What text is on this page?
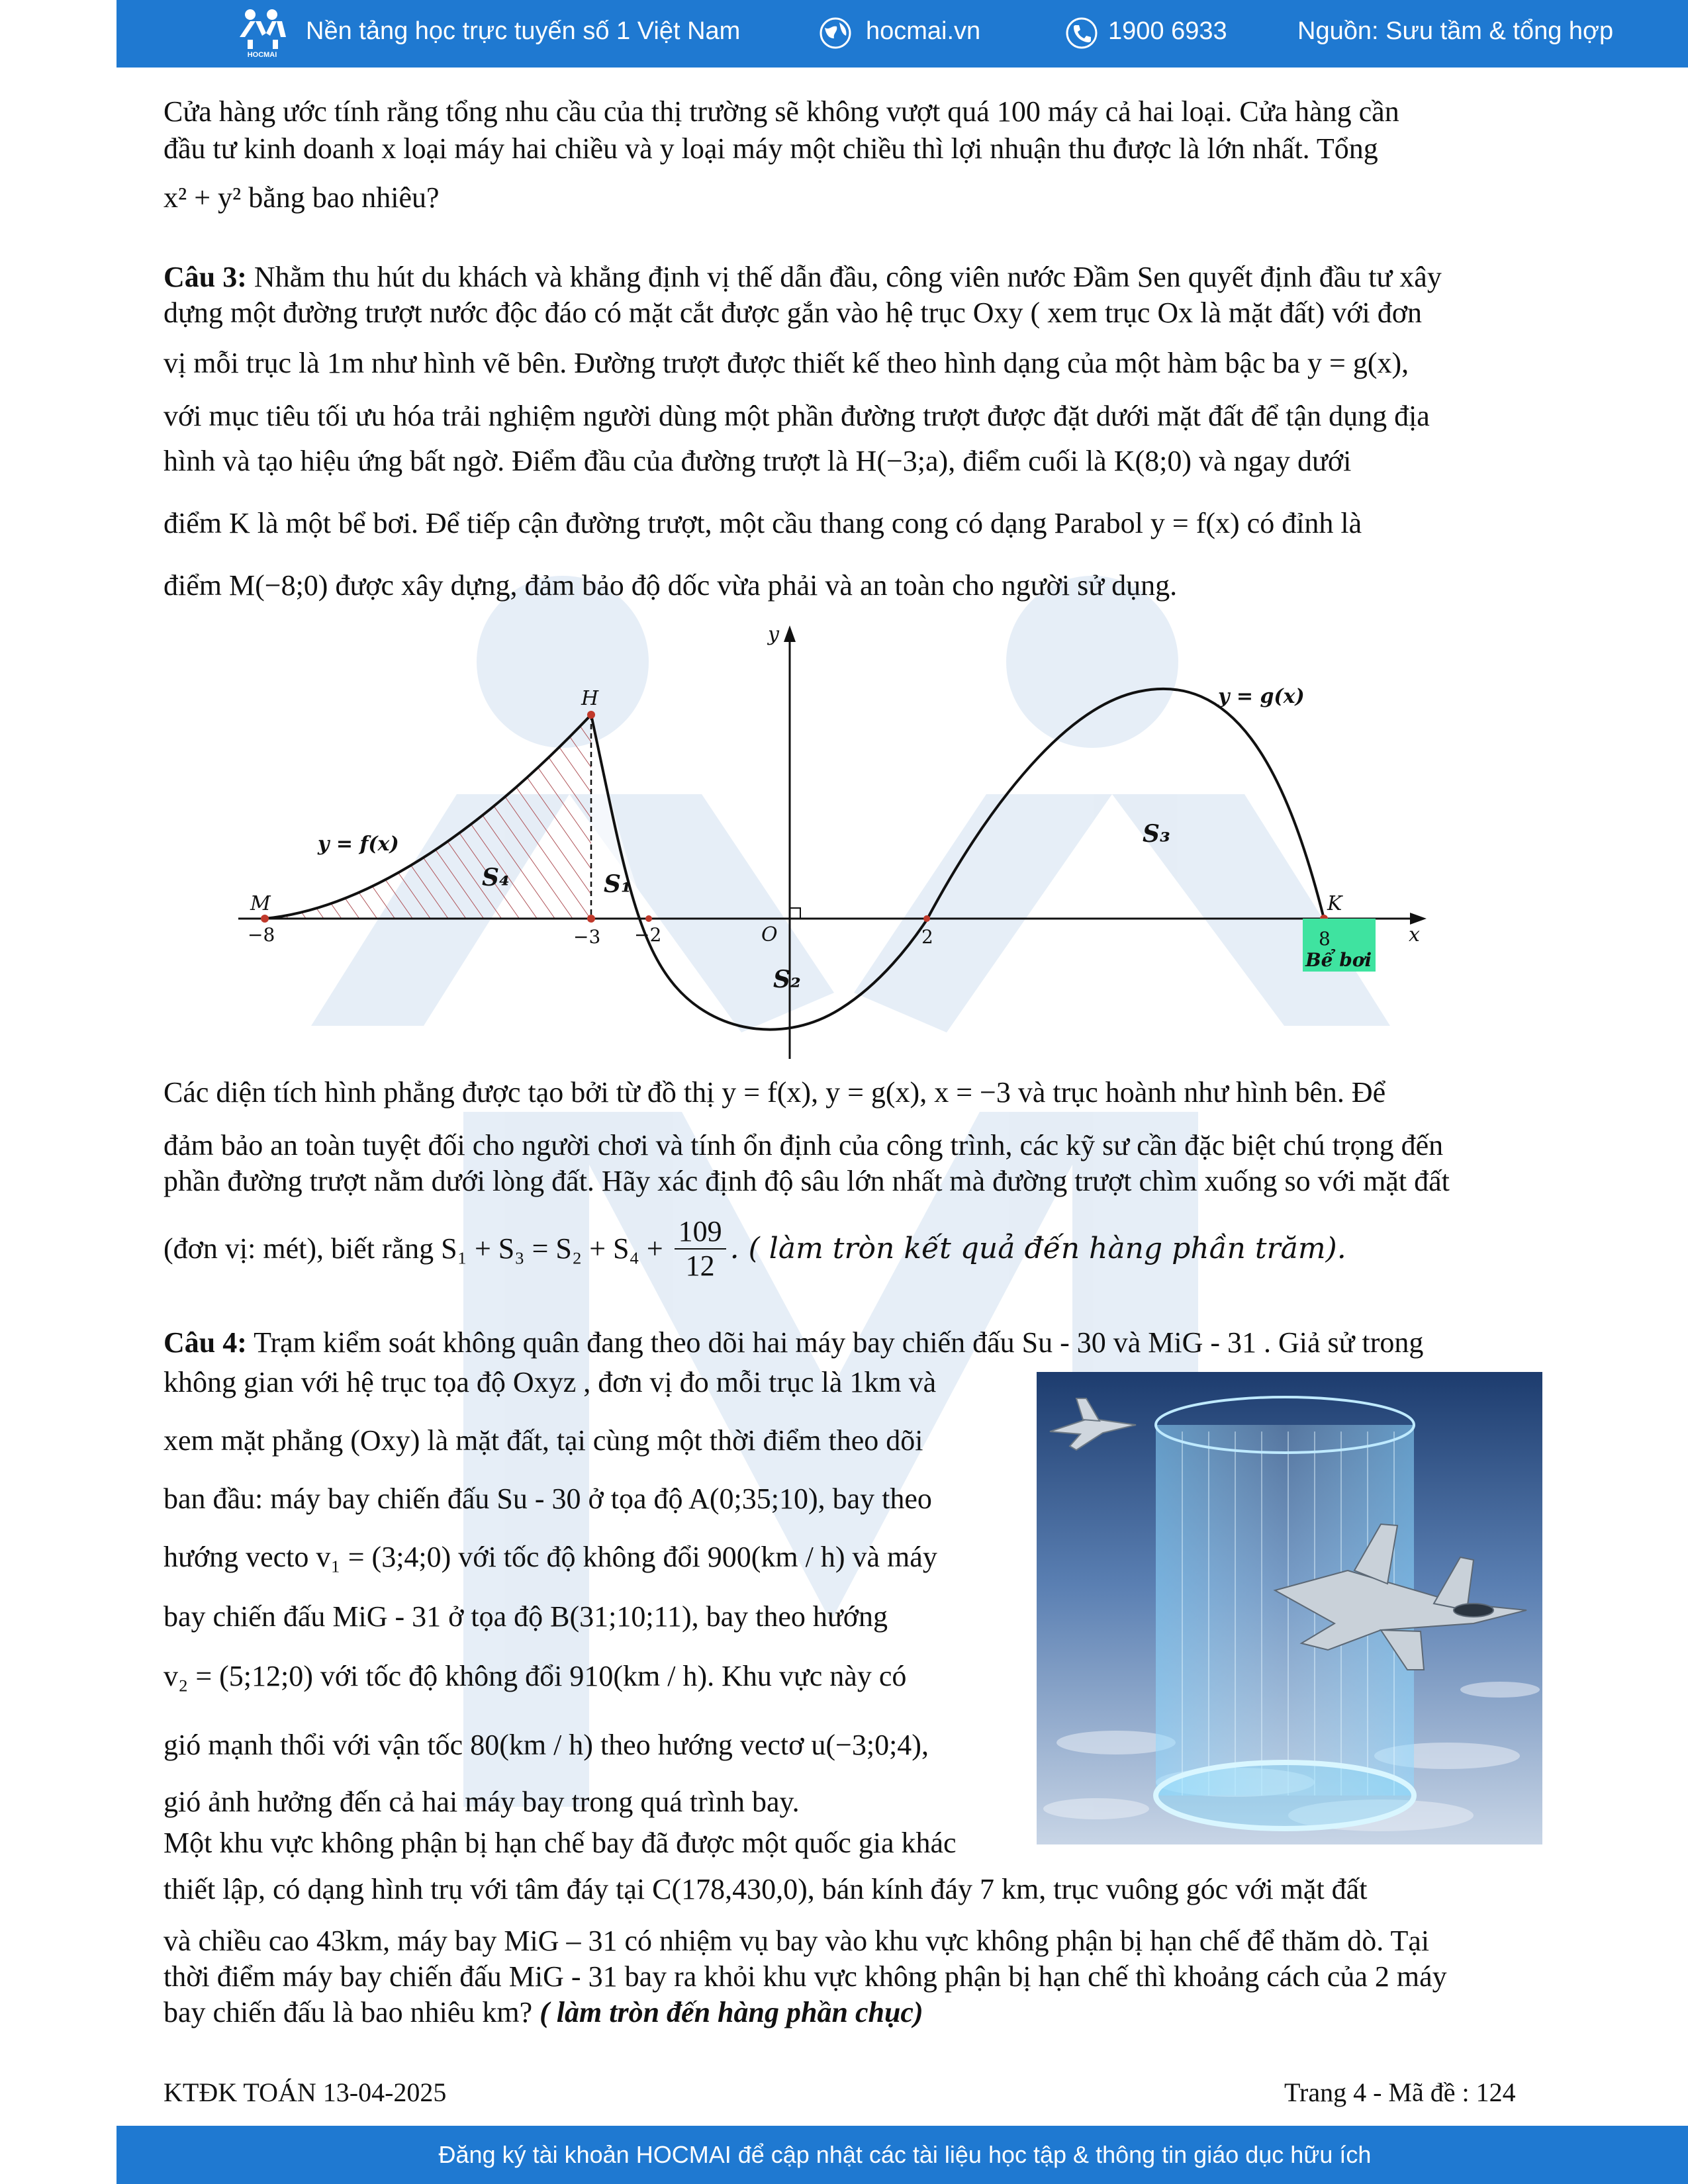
HOCMAI
Nền tảng học trực tuyến số 1 Việt Nam	hocmai.vn	1900 6933	Nguồn: Sưu tầm & tổng hợp
Cửa hàng ước tính rằng tổng nhu cầu của thị trường sẽ không vượt quá 100 máy cả hai loại. Cửa hàng cần
đầu tư kinh doanh x loại máy hai chiều và y loại máy một chiều thì lợi nhuận thu được là lớn nhất. Tổng
x² + y² bằng bao nhiêu?
Câu 3: Nhằm thu hút du khách và khẳng định vị thế dẫn đầu, công viên nước Đầm Sen quyết định đầu tư xây
dựng một đường trượt nước độc đáo có mặt cắt được gắn vào hệ trục Oxy ( xem trục Ox là mặt đất) với đơn
vị mỗi trục là 1m như hình vẽ bên. Đường trượt được thiết kế theo hình dạng của một hàm bậc ba y = g(x),
với mục tiêu tối ưu hóa trải nghiệm người dùng một phần đường trượt được đặt dưới mặt đất để tận dụng địa
hình và tạo hiệu ứng bất ngờ. Điểm đầu của đường trượt là H(−3;a), điểm cuối là K(8;0) và ngay dưới
điểm K là một bể bơi. Để tiếp cận đường trượt, một cầu thang cong có dạng Parabol y = f(x) có đỉnh là
điểm M(−8;0) được xây dựng, đảm bảo độ dốc vừa phải và an toàn cho người sử dụng.
y
x
O
M
H
K
−8	−3 −2	2	8
y = f(x)
y = g(x)
S₁
S₂
S₃
S₄
Bể bơi
Các diện tích hình phẳng được tạo bởi từ đồ thị y = f(x), y = g(x), x = −3 và trục hoành như hình bên. Để
đảm bảo an toàn tuyệt đối cho người chơi và tính ổn định của công trình, các kỹ sư cần đặc biệt chú trọng đến
phần đường trượt nằm dưới lòng đất. Hãy xác định độ sâu lớn nhất mà đường trượt chìm xuống so với mặt đất
(đơn vị: mét), biết rằng $S_1 + S_3 = S_2 + S_4 + \frac{109}{12}$ . ( làm tròn kết quả đến hàng phần trăm).
Câu 4: Trạm kiểm soát không quân đang theo dõi hai máy bay chiến đấu Su - 30 và MiG - 31 . Giả sử trong
không gian với hệ trục tọa độ Oxyz , đơn vị đo mỗi trục là 1km và
xem mặt phẳng (Oxy) là mặt đất, tại cùng một thời điểm theo dõi
ban đầu: máy bay chiến đấu Su - 30 ở tọa độ A(0;35;10), bay theo
hướng vecto v₁ = (3;4;0) với tốc độ không đổi 900(km / h) và máy
bay chiến đấu MiG - 31 ở tọa độ B(31;10;11), bay theo hướng
v₂ = (5;12;0) với tốc độ không đổi 910(km / h). Khu vực này có
gió mạnh thổi với vận tốc 80(km / h) theo hướng vectơ u(−3;0;4),
gió ảnh hưởng đến cả hai máy bay trong quá trình bay.
Một khu vực không phận bị hạn chế bay đã được một quốc gia khác
thiết lập, có dạng hình trụ với tâm đáy tại C(178,430,0), bán kính đáy 7 km, trục vuông góc với mặt đất
và chiều cao 43km, máy bay MiG – 31 có nhiệm vụ bay vào khu vực không phận bị hạn chế để thăm dò. Tại
thời điểm máy bay chiến đấu MiG - 31 bay ra khỏi khu vực không phận bị hạn chế thì khoảng cách của 2 máy
bay chiến đấu là bao nhiêu km? ( làm tròn đến hàng phần chục)
KTĐK TOÁN 13-04-2025	Trang 4 - Mã đề : 124
Đăng ký tài khoản HOCMAI để cập nhật các tài liệu học tập & thông tin giáo dục hữu ích
